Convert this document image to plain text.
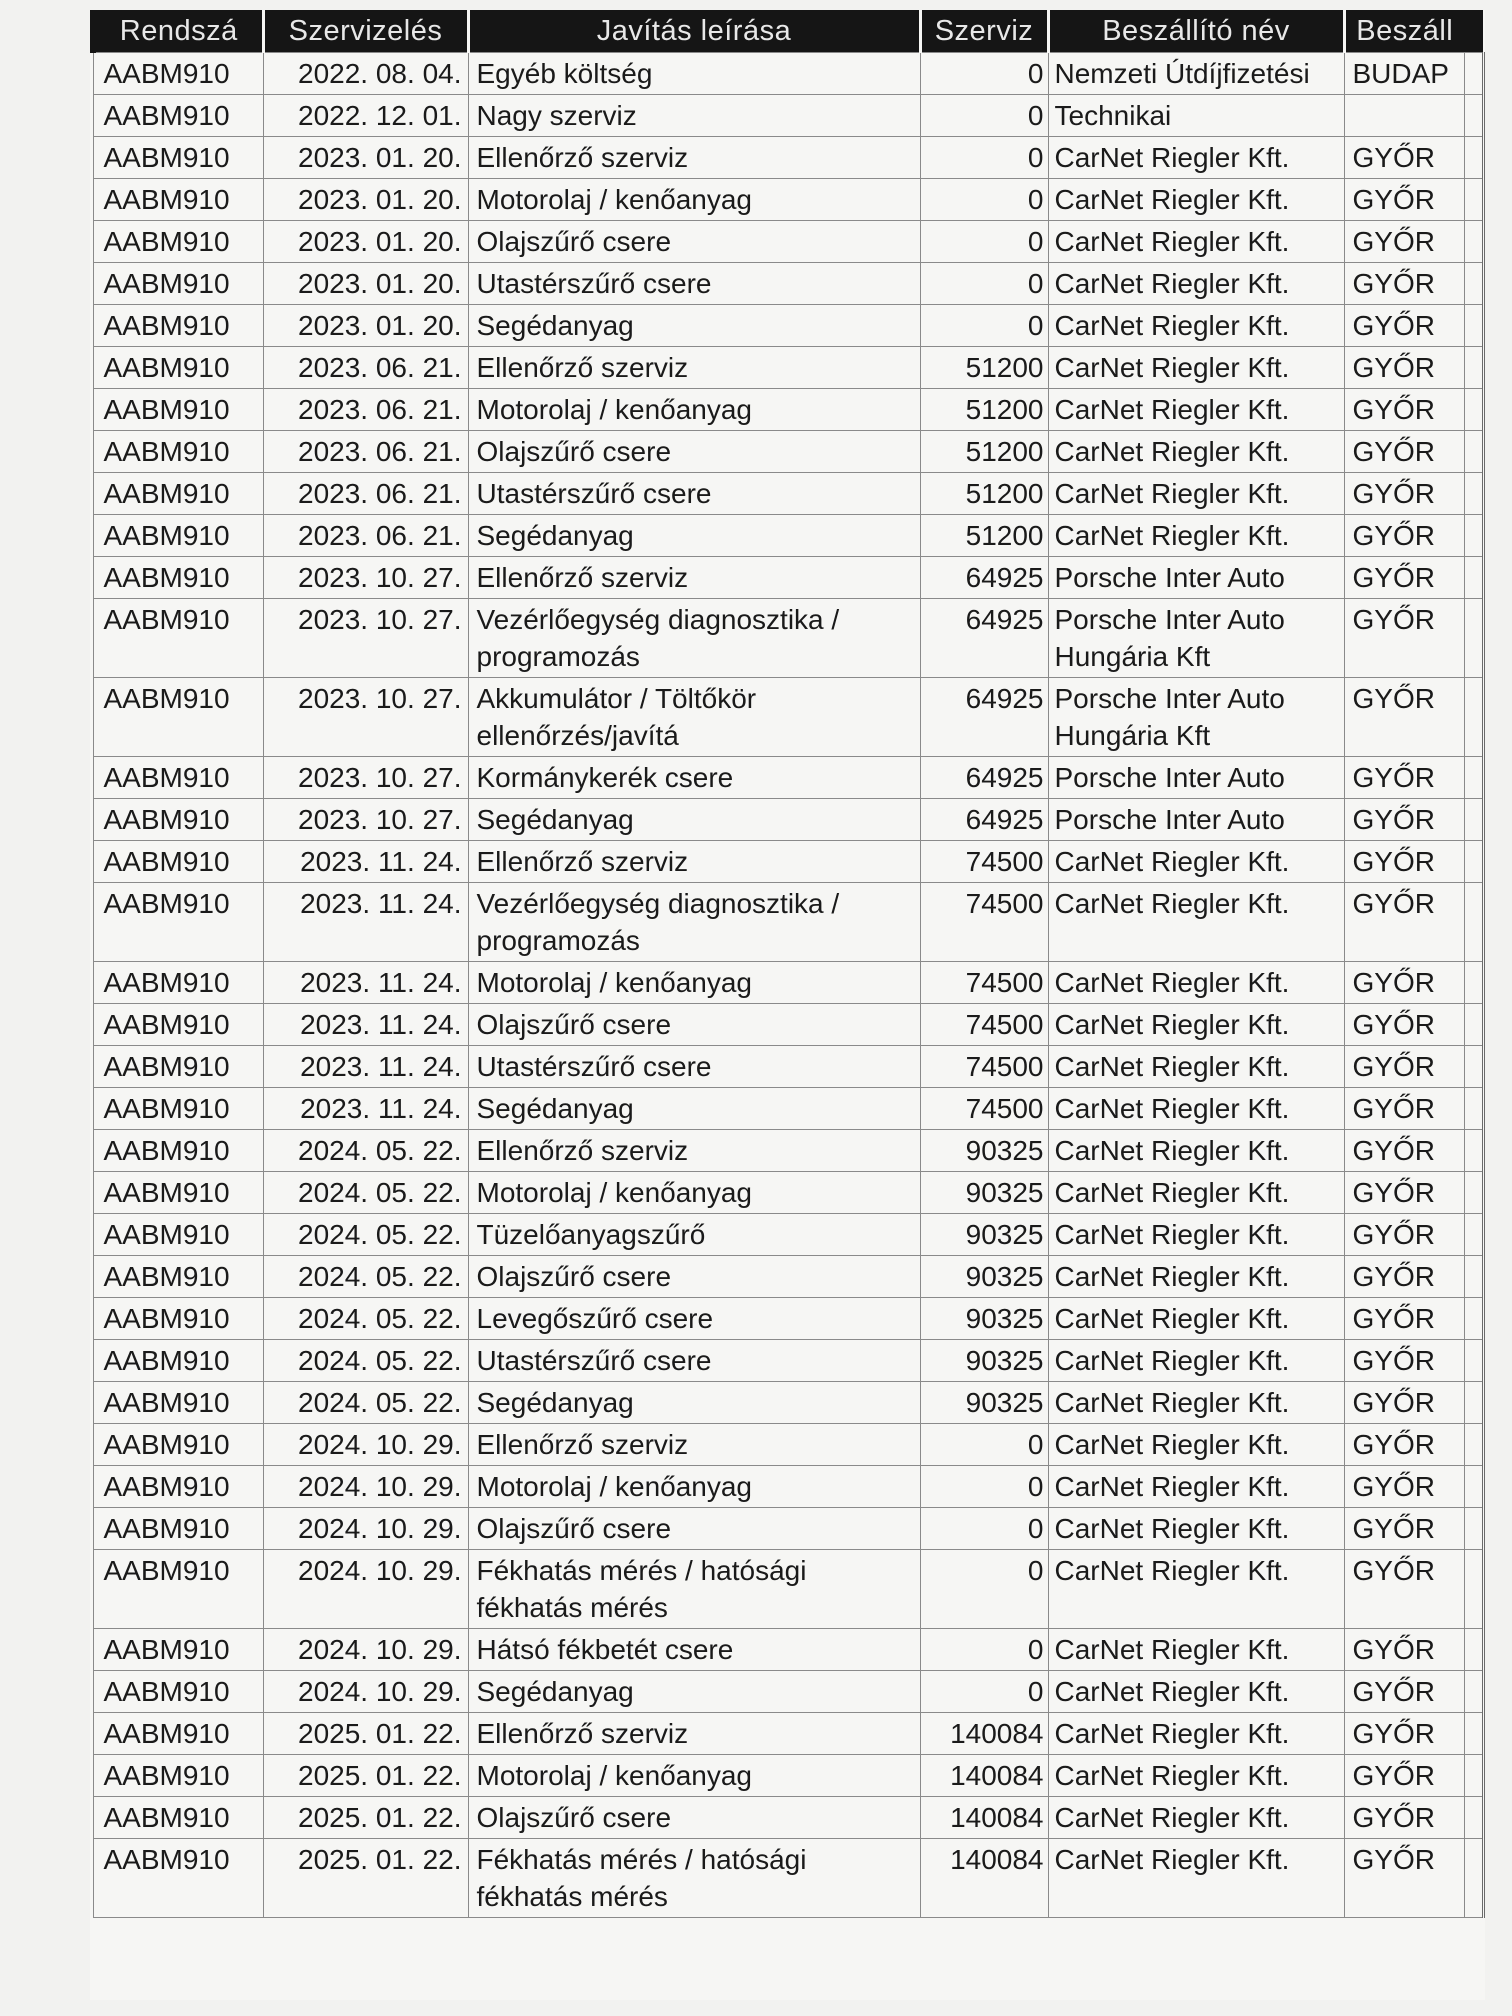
Rendszá	Szervizelés	Javítás leírása	Szerviz	Beszállító név	Beszáll	
AABM910	2022. 08. 04.	Egyéb költség	0	Nemzeti Útdíjfizetési	BUDAP	
AABM910	2022. 12. 01.	Nagy szerviz	0	Technikai		
AABM910	2023. 01. 20.	Ellenőrző szerviz	0	CarNet Riegler Kft.	GYŐR	
AABM910	2023. 01. 20.	Motorolaj / kenőanyag	0	CarNet Riegler Kft.	GYŐR	
AABM910	2023. 01. 20.	Olajszűrő csere	0	CarNet Riegler Kft.	GYŐR	
AABM910	2023. 01. 20.	Utastérszűrő csere	0	CarNet Riegler Kft.	GYŐR	
AABM910	2023. 01. 20.	Segédanyag	0	CarNet Riegler Kft.	GYŐR	
AABM910	2023. 06. 21.	Ellenőrző szerviz	51200	CarNet Riegler Kft.	GYŐR	
AABM910	2023. 06. 21.	Motorolaj / kenőanyag	51200	CarNet Riegler Kft.	GYŐR	
AABM910	2023. 06. 21.	Olajszűrő csere	51200	CarNet Riegler Kft.	GYŐR	
AABM910	2023. 06. 21.	Utastérszűrő csere	51200	CarNet Riegler Kft.	GYŐR	
AABM910	2023. 06. 21.	Segédanyag	51200	CarNet Riegler Kft.	GYŐR	
AABM910	2023. 10. 27.	Ellenőrző szerviz	64925	Porsche Inter Auto	GYŐR	
AABM910	2023. 10. 27.	Vezérlőegység diagnosztika / programozás	64925	Porsche Inter Auto Hungária Kft	GYŐR	
AABM910	2023. 10. 27.	Akkumulátor / Töltőkör ellenőrzés/javítá	64925	Porsche Inter Auto Hungária Kft	GYŐR	
AABM910	2023. 10. 27.	Kormánykerék csere	64925	Porsche Inter Auto	GYŐR	
AABM910	2023. 10. 27.	Segédanyag	64925	Porsche Inter Auto	GYŐR	
AABM910	2023. 11. 24.	Ellenőrző szerviz	74500	CarNet Riegler Kft.	GYŐR	
AABM910	2023. 11. 24.	Vezérlőegység diagnosztika / programozás	74500	CarNet Riegler Kft.	GYŐR	
AABM910	2023. 11. 24.	Motorolaj / kenőanyag	74500	CarNet Riegler Kft.	GYŐR	
AABM910	2023. 11. 24.	Olajszűrő csere	74500	CarNet Riegler Kft.	GYŐR	
AABM910	2023. 11. 24.	Utastérszűrő csere	74500	CarNet Riegler Kft.	GYŐR	
AABM910	2023. 11. 24.	Segédanyag	74500	CarNet Riegler Kft.	GYŐR	
AABM910	2024. 05. 22.	Ellenőrző szerviz	90325	CarNet Riegler Kft.	GYŐR	
AABM910	2024. 05. 22.	Motorolaj / kenőanyag	90325	CarNet Riegler Kft.	GYŐR	
AABM910	2024. 05. 22.	Tüzelőanyagszűrő	90325	CarNet Riegler Kft.	GYŐR	
AABM910	2024. 05. 22.	Olajszűrő csere	90325	CarNet Riegler Kft.	GYŐR	
AABM910	2024. 05. 22.	Levegőszűrő csere	90325	CarNet Riegler Kft.	GYŐR	
AABM910	2024. 05. 22.	Utastérszűrő csere	90325	CarNet Riegler Kft.	GYŐR	
AABM910	2024. 05. 22.	Segédanyag	90325	CarNet Riegler Kft.	GYŐR	
AABM910	2024. 10. 29.	Ellenőrző szerviz	0	CarNet Riegler Kft.	GYŐR	
AABM910	2024. 10. 29.	Motorolaj / kenőanyag	0	CarNet Riegler Kft.	GYŐR	
AABM910	2024. 10. 29.	Olajszűrő csere	0	CarNet Riegler Kft.	GYŐR	
AABM910	2024. 10. 29.	Fékhatás mérés / hatósági fékhatás mérés	0	CarNet Riegler Kft.	GYŐR	
AABM910	2024. 10. 29.	Hátsó fékbetét csere	0	CarNet Riegler Kft.	GYŐR	
AABM910	2024. 10. 29.	Segédanyag	0	CarNet Riegler Kft.	GYŐR	
AABM910	2025. 01. 22.	Ellenőrző szerviz	140084	CarNet Riegler Kft.	GYŐR	
AABM910	2025. 01. 22.	Motorolaj / kenőanyag	140084	CarNet Riegler Kft.	GYŐR	
AABM910	2025. 01. 22.	Olajszűrő csere	140084	CarNet Riegler Kft.	GYŐR	
AABM910	2025. 01. 22.	Fékhatás mérés / hatósági fékhatás mérés	140084	CarNet Riegler Kft.	GYŐR	
